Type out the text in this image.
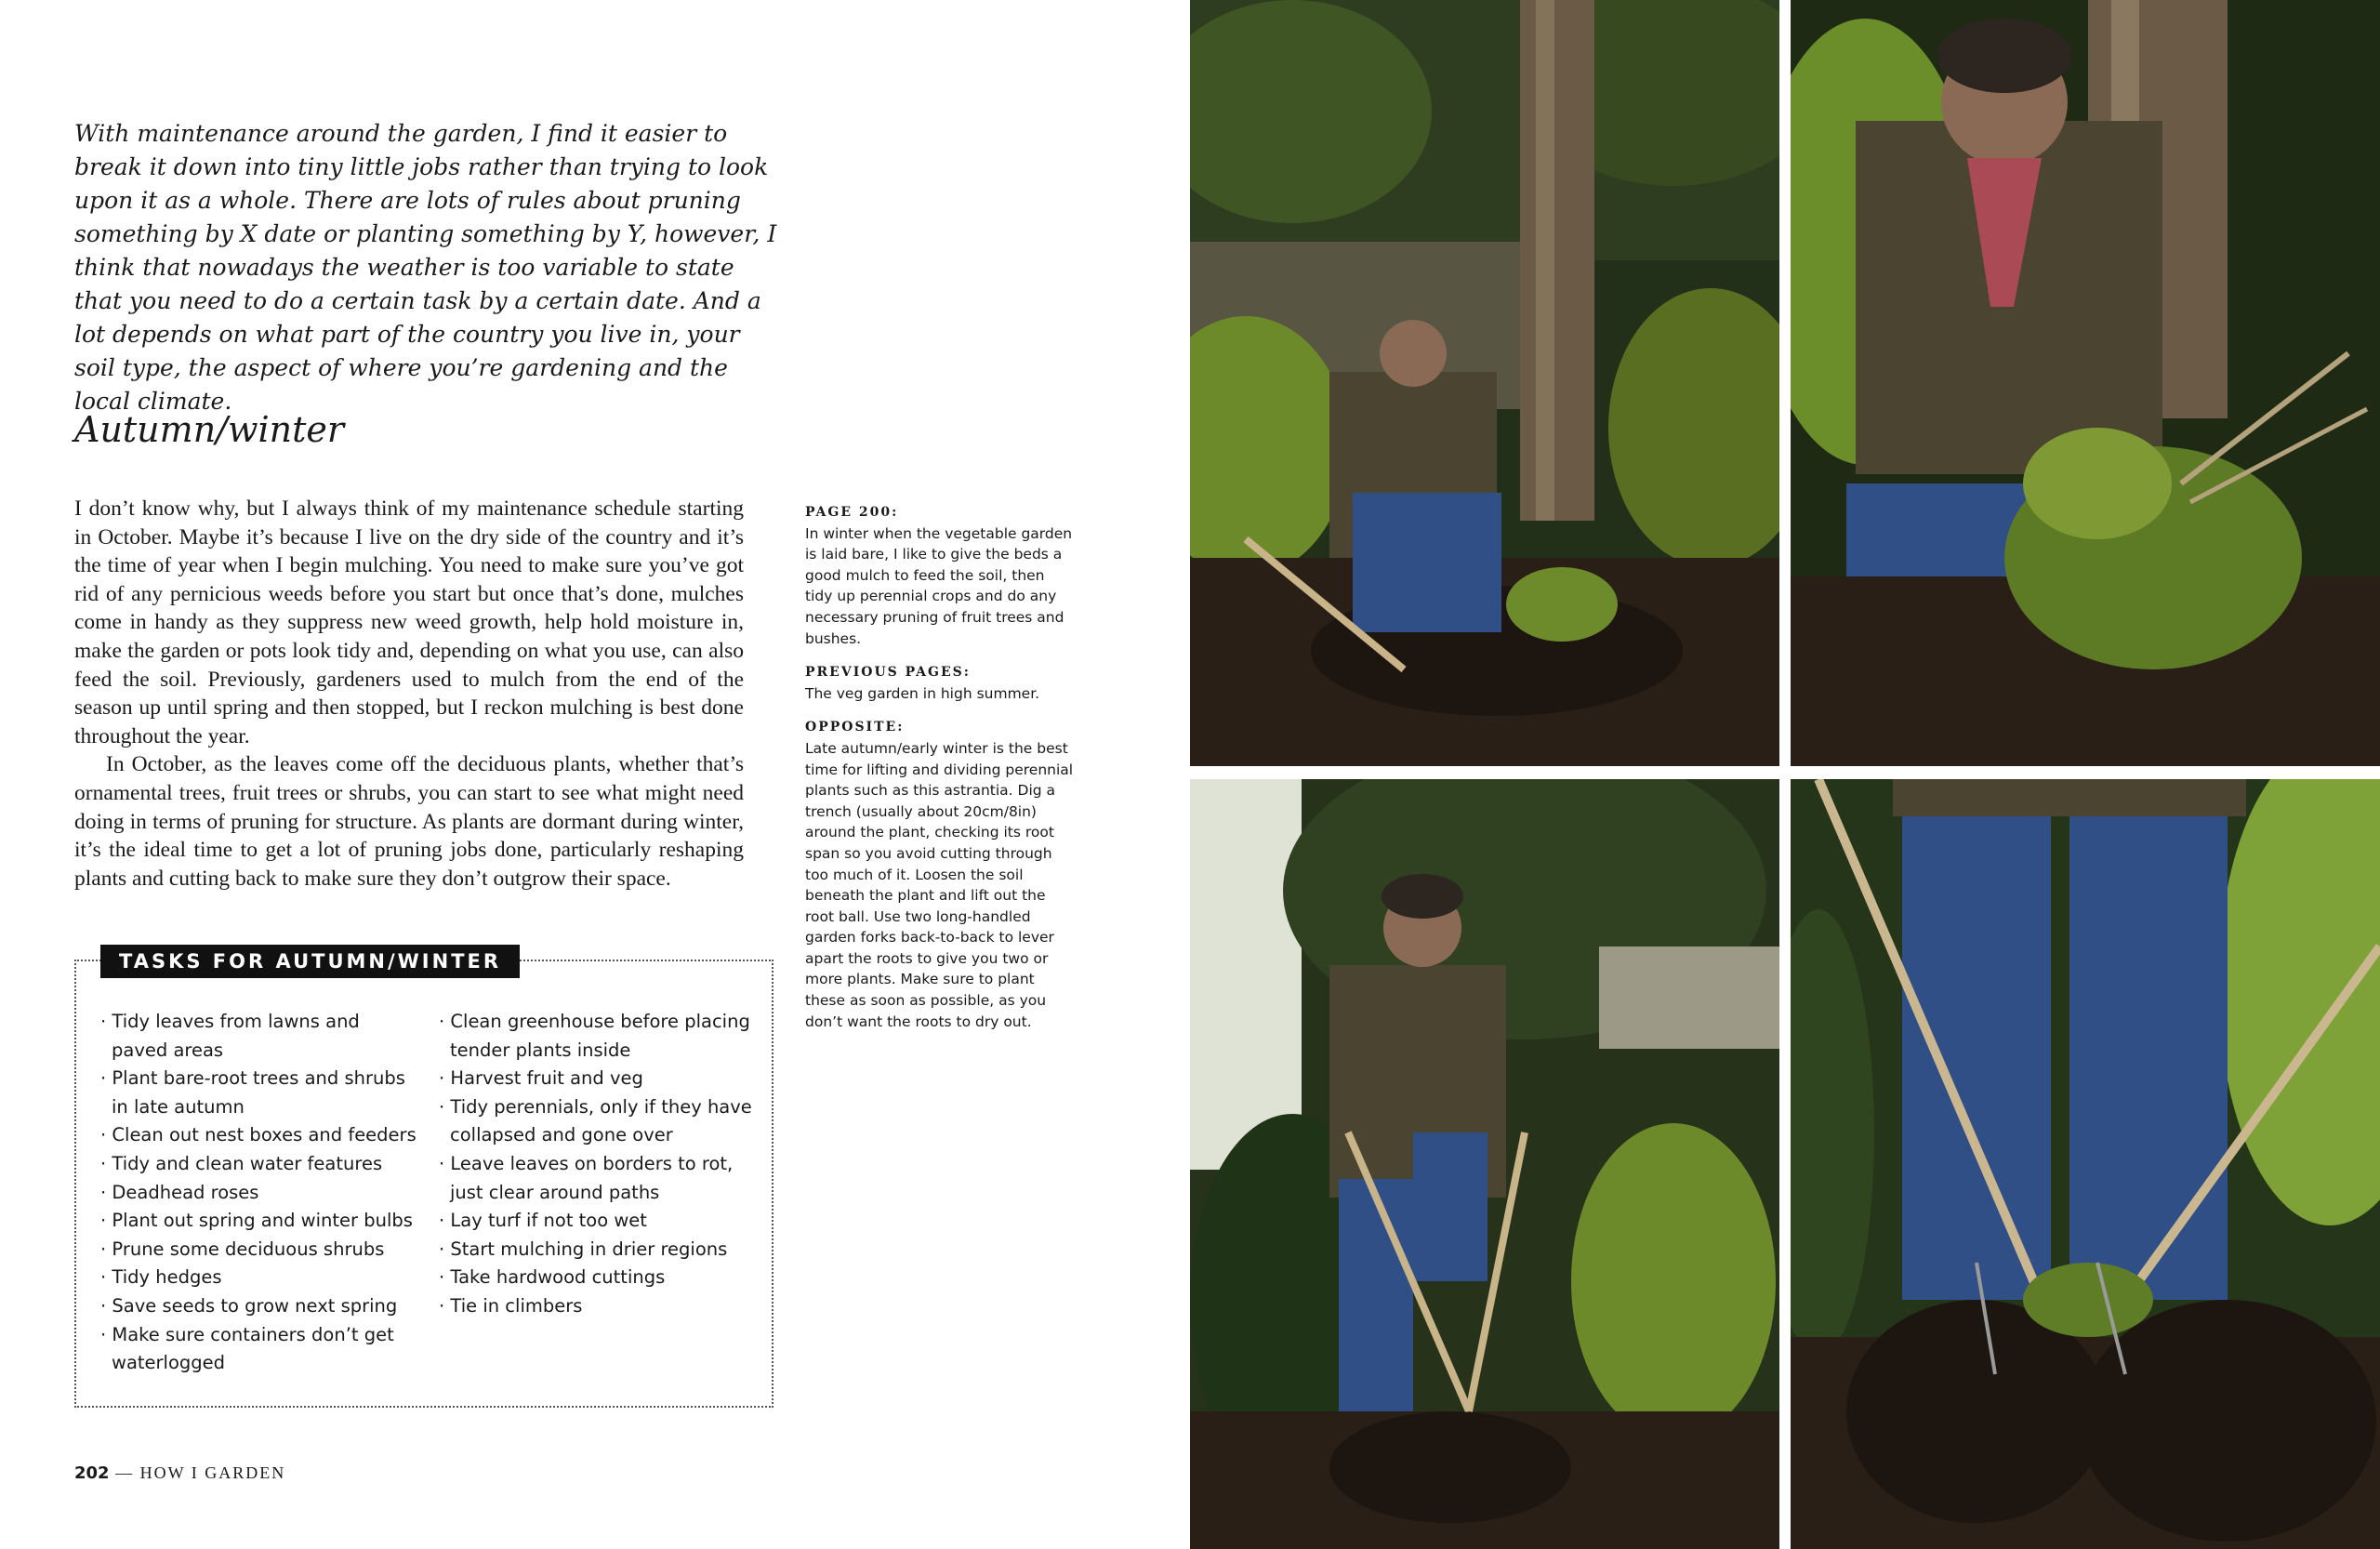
With maintenance around the garden, I find it easier to break it down into tiny little jobs rather than trying to look upon it as a whole. There are lots of rules about pruning something by X date or planting something by Y, however, I think that nowadays the weather is too variable to state that you need to do a certain task by a certain date. And a lot depends on what part of the country you live in, your soil type, the aspect of where you’re gardening and the local climate.

Autumn/winter

I don’t know why, but I always think of my maintenance schedule starting in October. Maybe it’s because I live on the dry side of the country and it’s the time of year when I begin mulching. You need to make sure you’ve got rid of any pernicious weeds before you start but once that’s done, mulches come in handy as they suppress new weed growth, help hold moisture in, make the garden or pots look tidy and, depending on what you use, can also feed the soil. Previously, gardeners used to mulch from the end of the season up until spring and then stopped, but I reckon mulching is best done throughout the year.

In October, as the leaves come off the deciduous plants, whether that’s ornamental trees, fruit trees or shrubs, you can start to see what might need doing in terms of pruning for structure. As plants are dormant during winter, it’s the ideal time to get a lot of pruning jobs done, particularly reshaping plants and cutting back to make sure they don’t outgrow their space.

PAGE 200:

In winter when the vegetable garden is laid bare, I like to give the beds a good mulch to feed the soil, then tidy up perennial crops and do any necessary pruning of fruit trees and bushes.

PREVIOUS PAGES:

The veg garden in high summer.

OPPOSITE:

Late autumn/early winter is the best time for lifting and dividing perennial plants such as this astrantia. Dig a trench (usually about 20cm/8in) around the plant, checking its root span so you avoid cutting through too much of it. Loosen the soil beneath the plant and lift out the root ball. Use two long-handled garden forks back-to-back to lever apart the roots to give you two or more plants. Make sure to plant these as soon as possible, as you don’t want the roots to dry out.

TASKS FOR AUTUMN/WINTER
· Tidy leaves from lawns and paved areas
· Plant bare-root trees and shrubs in late autumn
· Clean out nest boxes and feeders
· Tidy and clean water features
· Deadhead roses
· Plant out spring and winter bulbs
· Prune some deciduous shrubs
· Tidy hedges
· Save seeds to grow next spring
· Make sure containers don’t get waterlogged
· Clean greenhouse before placing tender plants inside
· Harvest fruit and veg
· Tidy perennials, only if they have collapsed and gone over
· Leave leaves on borders to rot, just clear around paths
· Lay turf if not too wet
· Start mulching in drier regions
· Take hardwood cuttings
· Tie in climbers
202 — HOW I GARDEN
